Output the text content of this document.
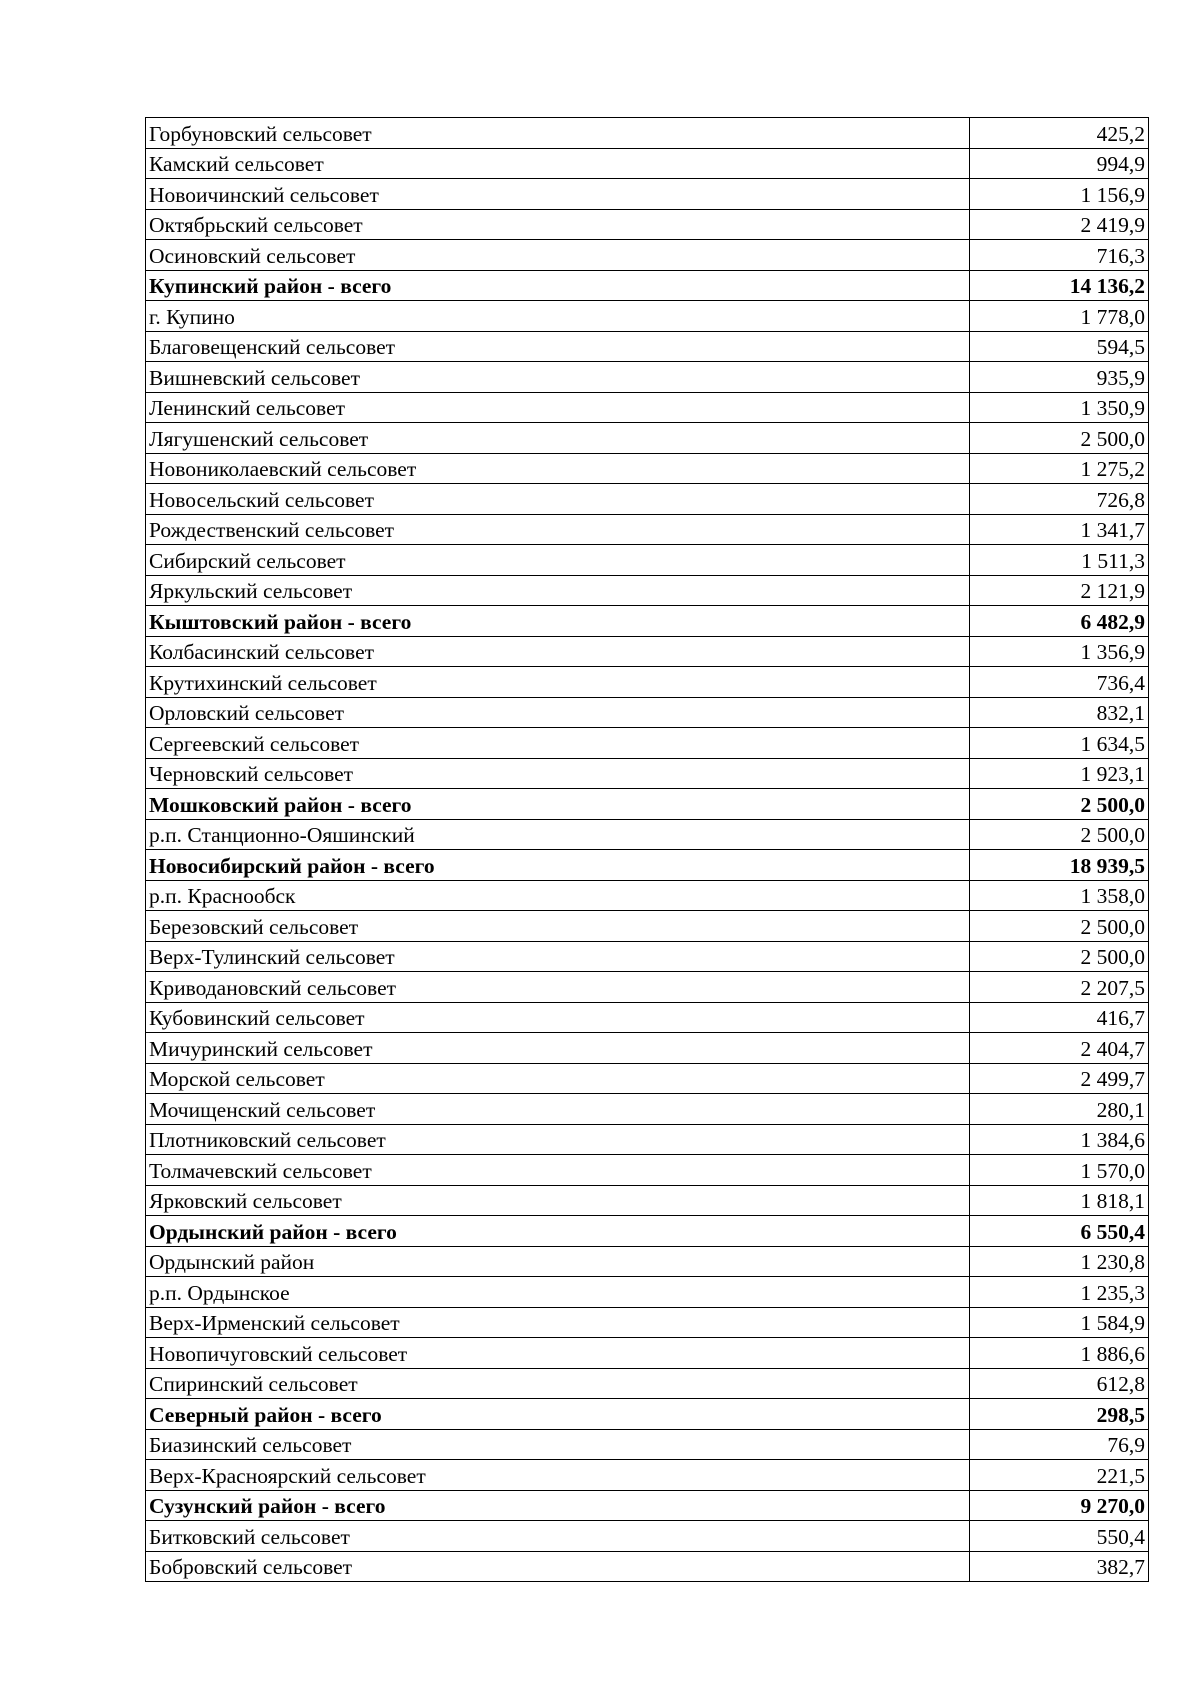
Горбуновский сельсовет	425,2
Камский сельсовет	994,9
Новоичинский сельсовет	1 156,9
Октябрьский сельсовет	2 419,9
Осиновский сельсовет	716,3
Купинский район - всего	14 136,2
г. Купино	1 778,0
Благовещенский сельсовет	594,5
Вишневский сельсовет	935,9
Ленинский сельсовет	1 350,9
Лягушенский сельсовет	2 500,0
Новониколаевский сельсовет	1 275,2
Новосельский сельсовет	726,8
Рождественский сельсовет	1 341,7
Сибирский сельсовет	1 511,3
Яркульский сельсовет	2 121,9
Кыштовский район - всего	6 482,9
Колбасинский сельсовет	1 356,9
Крутихинский сельсовет	736,4
Орловский сельсовет	832,1
Сергеевский сельсовет	1 634,5
Черновский сельсовет	1 923,1
Мошковский район - всего	2 500,0
р.п. Станционно-Ояшинский	2 500,0
Новосибирский район - всего	18 939,5
р.п. Краснообск	1 358,0
Березовский сельсовет	2 500,0
Верх-Тулинский сельсовет	2 500,0
Криводановский сельсовет	2 207,5
Кубовинский сельсовет	416,7
Мичуринский сельсовет	2 404,7
Морской сельсовет	2 499,7
Мочищенский сельсовет	280,1
Плотниковский сельсовет	1 384,6
Толмачевский сельсовет	1 570,0
Ярковский сельсовет	1 818,1
Ордынский район - всего	6 550,4
Ордынский район	1 230,8
р.п. Ордынское	1 235,3
Верх-Ирменский сельсовет	1 584,9
Новопичуговский сельсовет	1 886,6
Спиринский сельсовет	612,8
Северный район - всего	298,5
Биазинский сельсовет	76,9
Верх-Красноярский сельсовет	221,5
Сузунский район - всего	9 270,0
Битковский сельсовет	550,4
Бобровский сельсовет	382,7
